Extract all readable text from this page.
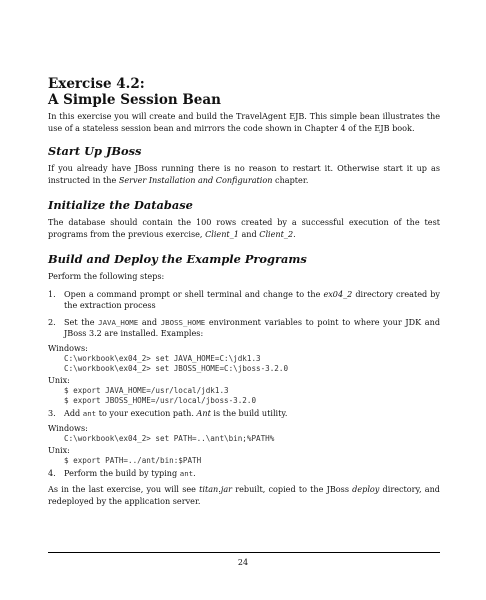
Exercise 4.2:
A Simple Session Bean

In this exercise you will create and build the TravelAgent EJB. This simple bean illustrates the use of a stateless session bean and mirrors the code shown in Chapter 4 of the EJB book.

Start Up JBoss

If you already have JBoss running there is no reason to restart it. Otherwise start it up as instructed in the Server Installation and Configuration chapter.

Initialize the Database

The database should contain the 100 rows created by a successful execution of the test programs from the previous exercise, Client_1 and Client_2.

Build and Deploy the Example Programs

Perform the following steps:

1. Open a command prompt or shell terminal and change to the ex04_2 directory created by the extraction process
2. Set the JAVA_HOME and JBOSS_HOME environment variables to point to where your JDK and JBoss 3.2 are installed. Examples:

Windows:

C:\workbook\ex04_2> set JAVA_HOME=C:\jdk1.3
C:\workbook\ex04_2> set JBOSS_HOME=C:\jboss-3.2.0

Unix:

$ export JAVA_HOME=/usr/local/jdk1.3
$ export JBOSS_HOME=/usr/local/jboss-3.2.0
3. Add ant to your execution path. Ant is the build utility.

Windows:

C:\workbook\ex04_2> set PATH=..\ant\bin;%PATH%

Unix:

$ export PATH=../ant/bin:$PATH
4. Perform the build by typing ant.

As in the last exercise, you will see titan.jar rebuilt, copied to the JBoss deploy directory, and redeployed by the application server.

24
